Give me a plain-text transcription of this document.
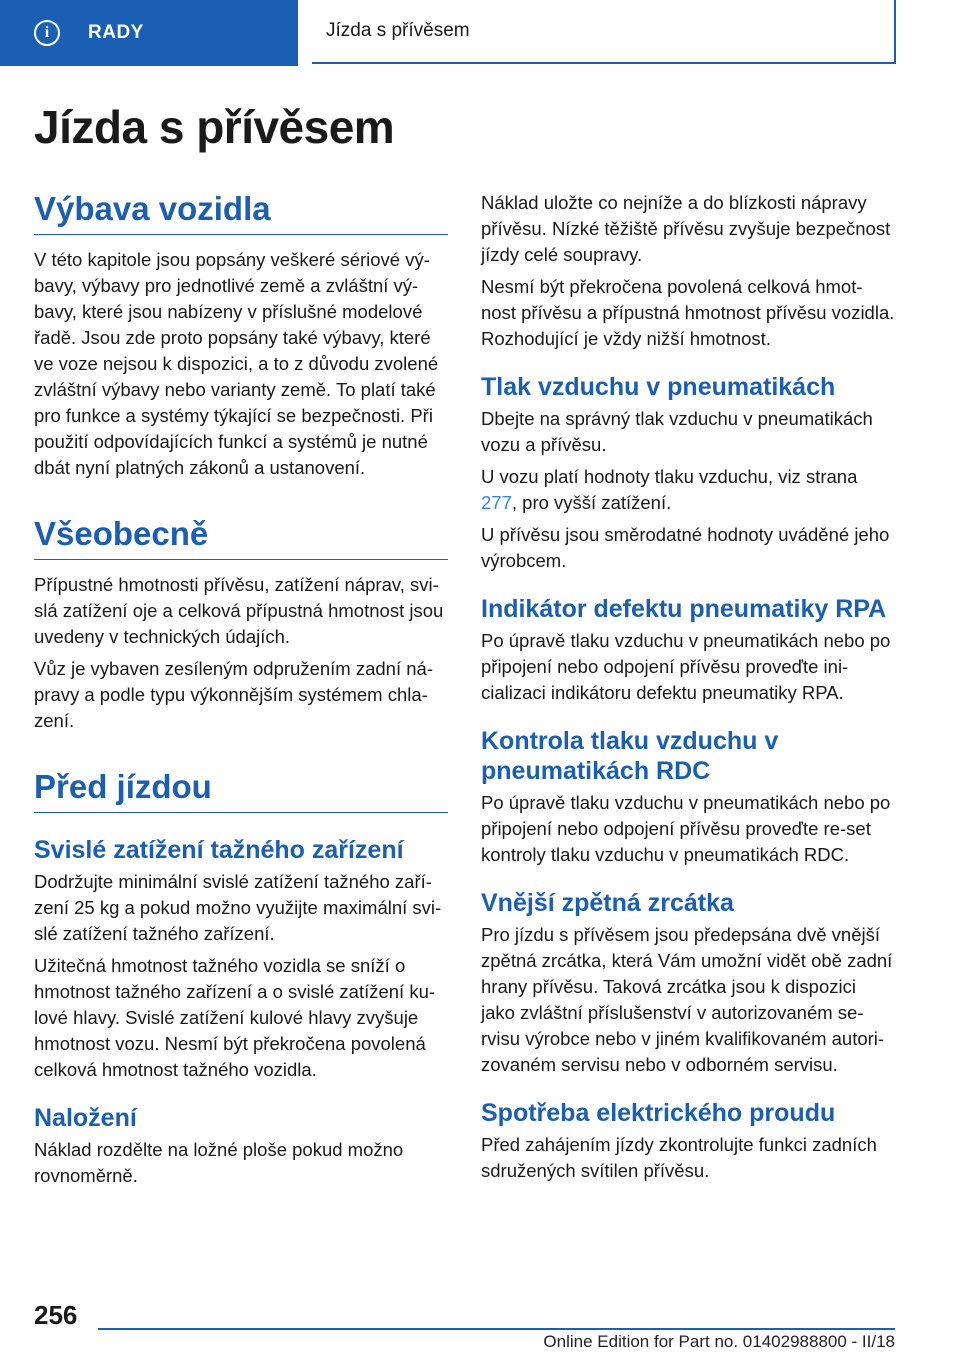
i	RADY	Jízda s přívěsem
Jízda s přívěsem
Výbava vozidla

V této kapitole jsou popsány veškeré sériové vý-bavy, výbavy pro jednotlivé země a zvláštní vý-bavy, které jsou nabízeny v příslušné modelové řadě. Jsou zde proto popsány také výbavy, které ve voze nejsou k dispozici, a to z důvodu zvolené zvláštní výbavy nebo varianty země. To platí také pro funkce a systémy týkající se bezpečnosti. Při použití odpovídajících funkcí a systémů je nutné dbát nyní platných zákonů a ustanovení.

Všeobecně

Přípustné hmotnosti přívěsu, zatížení náprav, svi-slá zatížení oje a celková přípustná hmotnost jsou uvedeny v technických údajích.

Vůz je vybaven zesíleným odpružením zadní ná-pravy a podle typu výkonnějším systémem chla-zení.

Před jízdou
Svislé zatížení tažného zařízení

Dodržujte minimální svislé zatížení tažného zaří-zení 25 kg a pokud možno využijte maximální svi-slé zatížení tažného zařízení.

Užitečná hmotnost tažného vozidla se sníží o hmotnost tažného zařízení a o svislé zatížení ku-lové hlavy. Svislé zatížení kulové hlavy zvyšuje hmotnost vozu. Nesmí být překročena povolená celková hmotnost tažného vozidla.

Naložení

Náklad rozdělte na ložné ploše pokud možno rovnoměrně.

Náklad uložte co nejníže a do blízkosti nápravy přívěsu. Nízké těžiště přívěsu zvyšuje bezpečnost jízdy celé soupravy.

Nesmí být překročena povolená celková hmot-nost přívěsu a přípustná hmotnost přívěsu vozidla. Rozhodující je vždy nižší hmotnost.

Tlak vzduchu v pneumatikách

Dbejte na správný tlak vzduchu v pneumatikách vozu a přívěsu.

U vozu platí hodnoty tlaku vzduchu, viz strana 277, pro vyšší zatížení.

U přívěsu jsou směrodatné hodnoty uváděné jeho výrobcem.

Indikátor defektu pneumatiky RPA

Po úpravě tlaku vzduchu v pneumatikách nebo po připojení nebo odpojení přívěsu proveďte ini-cializaci indikátoru defektu pneumatiky RPA.

Kontrola tlaku vzduchu v pneumatikách RDC

Po úpravě tlaku vzduchu v pneumatikách nebo po připojení nebo odpojení přívěsu proveďte re-set kontroly tlaku vzduchu v pneumatikách RDC.

Vnější zpětná zrcátka

Pro jízdu s přívěsem jsou předepsána dvě vnější zpětná zrcátka, která Vám umožní vidět obě zadní hrany přívěsu. Taková zrcátka jsou k dispozici jako zvláštní příslušenství v autorizovaném se-rvisu výrobce nebo v jiném kvalifikovaném autori-zovaném servisu nebo v odborném servisu.

Spotřeba elektrického proudu

Před zahájením jízdy zkontrolujte funkci zadních sdružených svítilen přívěsu.

256
Online Edition for Part no. 01402988800 - II/18
